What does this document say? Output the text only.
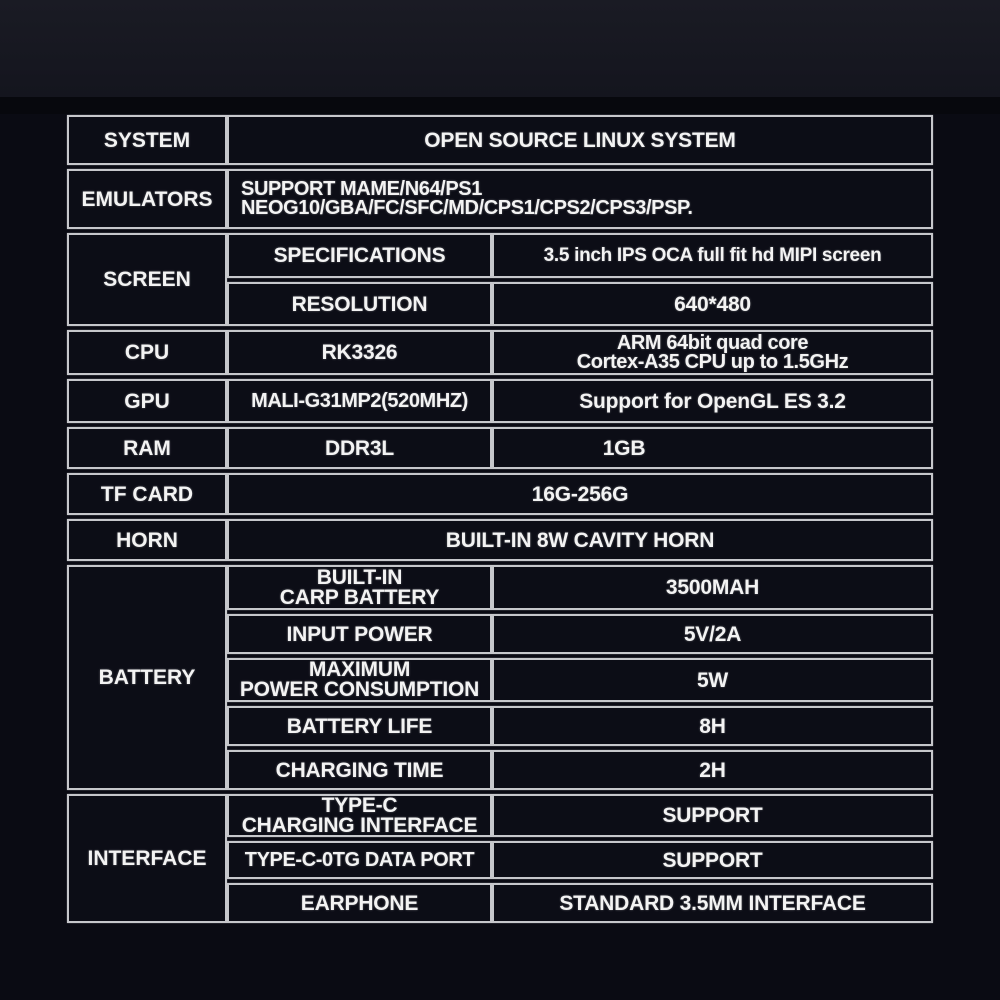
SYSTEM	OPEN SOURCE LINUX SYSTEM
EMULATORS	SUPPORT MAME/N64/PS1
NEOG10/GBA/FC/SFC/MD/CPS1/CPS2/CPS3/PSP.
SCREEN
SPECIFICATIONS	3.5 inch IPS OCA full fit hd MIPI screen
RESOLUTION	640*480
CPU	RK3326	ARM 64bit quad core
Cortex-A35 CPU up to 1.5GHz
GPU	MALI-G31MP2(520MHZ)	Support for OpenGL ES 3.2
RAM	DDR3L	1GB
TF CARD	16G-256G
HORN	BUILT-IN 8W CAVITY HORN
BATTERY
BUILT-IN
CARP BATTERY	3500MAH
INPUT POWER	5V/2A
MAXIMUM
POWER CONSUMPTION	5W
BATTERY LIFE	8H
CHARGING TIME	2H
INTERFACE
TYPE-C
CHARGING INTERFACE	SUPPORT
TYPE-C-0TG DATA PORT	SUPPORT
EARPHONE	STANDARD 3.5MM INTERFACE
